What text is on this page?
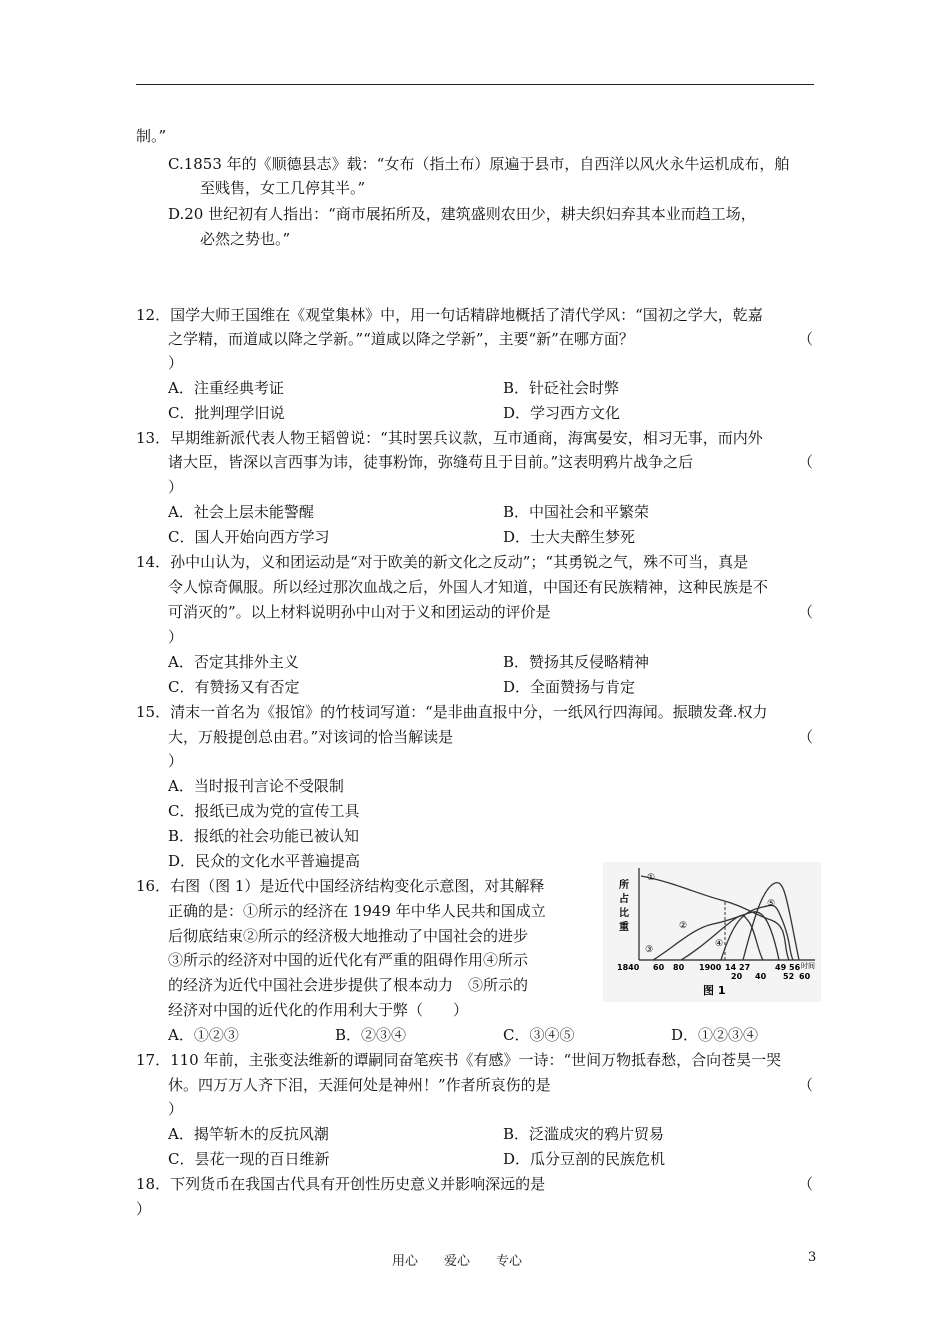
制。”
C.1853 年的《顺德县志》载：“女布（指土布）原遍于县市，自西洋以风火永牛运机成布，舶
至贱售，女工几停其半。”
D.20 世纪初有人指出：“商市展拓所及，建筑盛则农田少，耕夫织妇弃其本业而趋工场，
必然之势也。”
12．国学大师王国维在《观堂集林》中，用一句话精辟地概括了清代学风：“国初之学大，乾嘉
之学精，而道咸以降之学新。”“道咸以降之学新”，主要“新”在哪方面？	（
）
A．注重经典考证	B．针砭社会时弊
C．批判理学旧说	D．学习西方文化
13．早期维新派代表人物王韬曾说：“其时罢兵议款，互市通商，海寓晏安，相习无事，而内外
诸大臣，皆深以言西事为讳，徒事粉饰，弥缝苟且于目前。”这表明鸦片战争之后	（
）
A．社会上层未能警醒	B．中国社会和平繁荣
C．国人开始向西方学习	D．士大夫醉生梦死
14．孙中山认为，义和团运动是“对于欧美的新文化之反动”；“其勇锐之气，殊不可当，真是
令人惊奇佩服。所以经过那次血战之后，外国人才知道，中国还有民族精神，这种民族是不
可消灭的”。以上材料说明孙中山对于义和团运动的评价是	（
）
A．否定其排外主义	B．赞扬其反侵略精神
C．有赞扬又有否定	D．全面赞扬与肯定
15．清末一首名为《报馆》的竹枝词写道：“是非曲直报中分，一纸风行四海闻。振聩发聋.权力
大，万般提创总由君。”对该词的恰当解读是	（
）
A．当时报刊言论不受限制
C．报纸已成为党的宣传工具
B．报纸的社会功能已被认知
D．民众的文化水平普遍提高
16．右图（图 1）是近代中国经济结构变化示意图，对其解释
正确的是：①所示的经济在 1949 年中华人民共和国成立
后彻底结束②所示的经济极大地推动了中国社会的进步
③所示的经济对中国的近代化有严重的阻碍作用④所示
的经济为近代中国社会进步提供了根本动力　⑤所示的
经济对中国的近代化的作用利大于弊（　　）
A．①②③	B．②③④	C．③④⑤	D．①②③④
17．110 年前，主张变法维新的谭嗣同奋笔疾书《有感》一诗：“世间万物抵春愁，合向苍昊一哭
休。四万万人齐下泪，天涯何处是神州！”作者所哀伤的是	（
）
A．揭竿斩木的反抗风潮	B．泛滥成灾的鸦片贸易
C．昙花一现的百日维新	D．瓜分豆剖的民族危机
18．下列货币在我国古代具有开创性历史意义并影响深远的是	（
）
所
占
比
重
①
②
③
④
⑤
1840 60 80 1900 14 27	49 56 时间
20 40 52 60
图 1
用心　　爱心　　专心	3
